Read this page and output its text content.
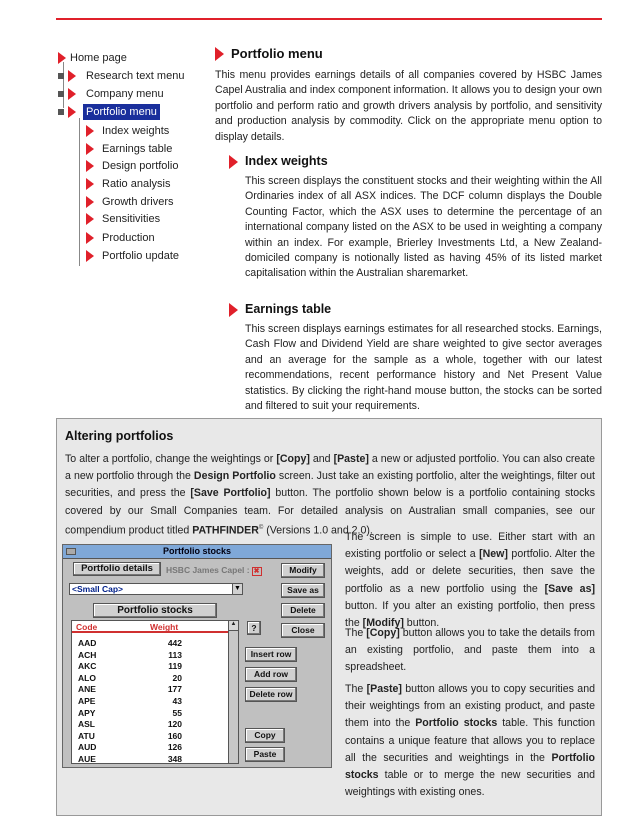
Home page
Research text menu
Company menu
Portfolio menu
Index weights
Earnings table
Design portfolio
Ratio analysis
Growth drivers
Sensitivities
Production
Portfolio update
Portfolio menu
This menu provides earnings details of all companies covered by HSBC James Capel Australia and index component information. It allows you to design your own portfolio and perform ratio and growth drivers analysis by portfolio, and sensitivity and production analysis by commodity. Click on the appropriate menu option to display details.
Index weights
This screen displays the constituent stocks and their weighting within the All Ordinaries index of all ASX indices. The DCF column displays the Double Counting Factor, which the ASX uses to determine the percentage of an international company listed on the ASX to be used in weighting a company within an index. For example, Brierley Investments Ltd, a New Zealand-domiciled company is notionally listed as having 45% of its listed market capitalisation within the Australian sharemarket.
Earnings table
This screen displays earnings estimates for all researched stocks. Earnings, Cash Flow and Dividend Yield are share weighted to give sector averages and an average for the sample as a whole, together with our latest recommendations, recent performance history and Net Present Value statistics. By clicking the right-hand mouse button, the stocks can be sorted and filtered to suit your requirements.
Altering portfolios
To alter a portfolio, change the weightings or [Copy] and [Paste] a new or adjusted portfolio. You can also create a new portfolio through the Design Portfolio screen. Just take an existing portfolio, alter the weightings, filter out securities, and press the [Save Portfolio] button. The portfolio shown below is a portfolio containing stocks covered by our Small Companies team. For detailed analysis on Australian small companies, see our compendium product titled PATHFINDER© (Versions 1.0 and 2.0).
The screen is simple to use. Either start with an existing portfolio or select a [New] portfolio. Alter the weights, add or delete securities, then save the portfolio as a new portfolio using the [Save as] button. If you alter an existing portfolio, then press the [Modify] button.
The [Copy] button allows you to take the details from an existing portfolio, and paste them into a spreadsheet.
The [Paste] button allows you to copy securities and their weightings from an existing product, and paste them into the Portfolio stocks table. This function contains a unique feature that allows you to replace all the securities and weightings in the Portfolio stocks table or to merge the new securities and weightings with existing ones.
Portfolio stocks
Portfolio details	HSBC James Capel : ✖
<Small Cap>	▼
Portfolio stocks
Modify
Save as
Delete
Close
?
Insert row
Add row
Delete row
Copy
Paste
Code	Weight	▲
AAD	442
ACH	113
AKC	119
ALO	20
ANE	177
APE	43
APY	55
ASL	120
ATU	160
AUD	126
AUE	348
